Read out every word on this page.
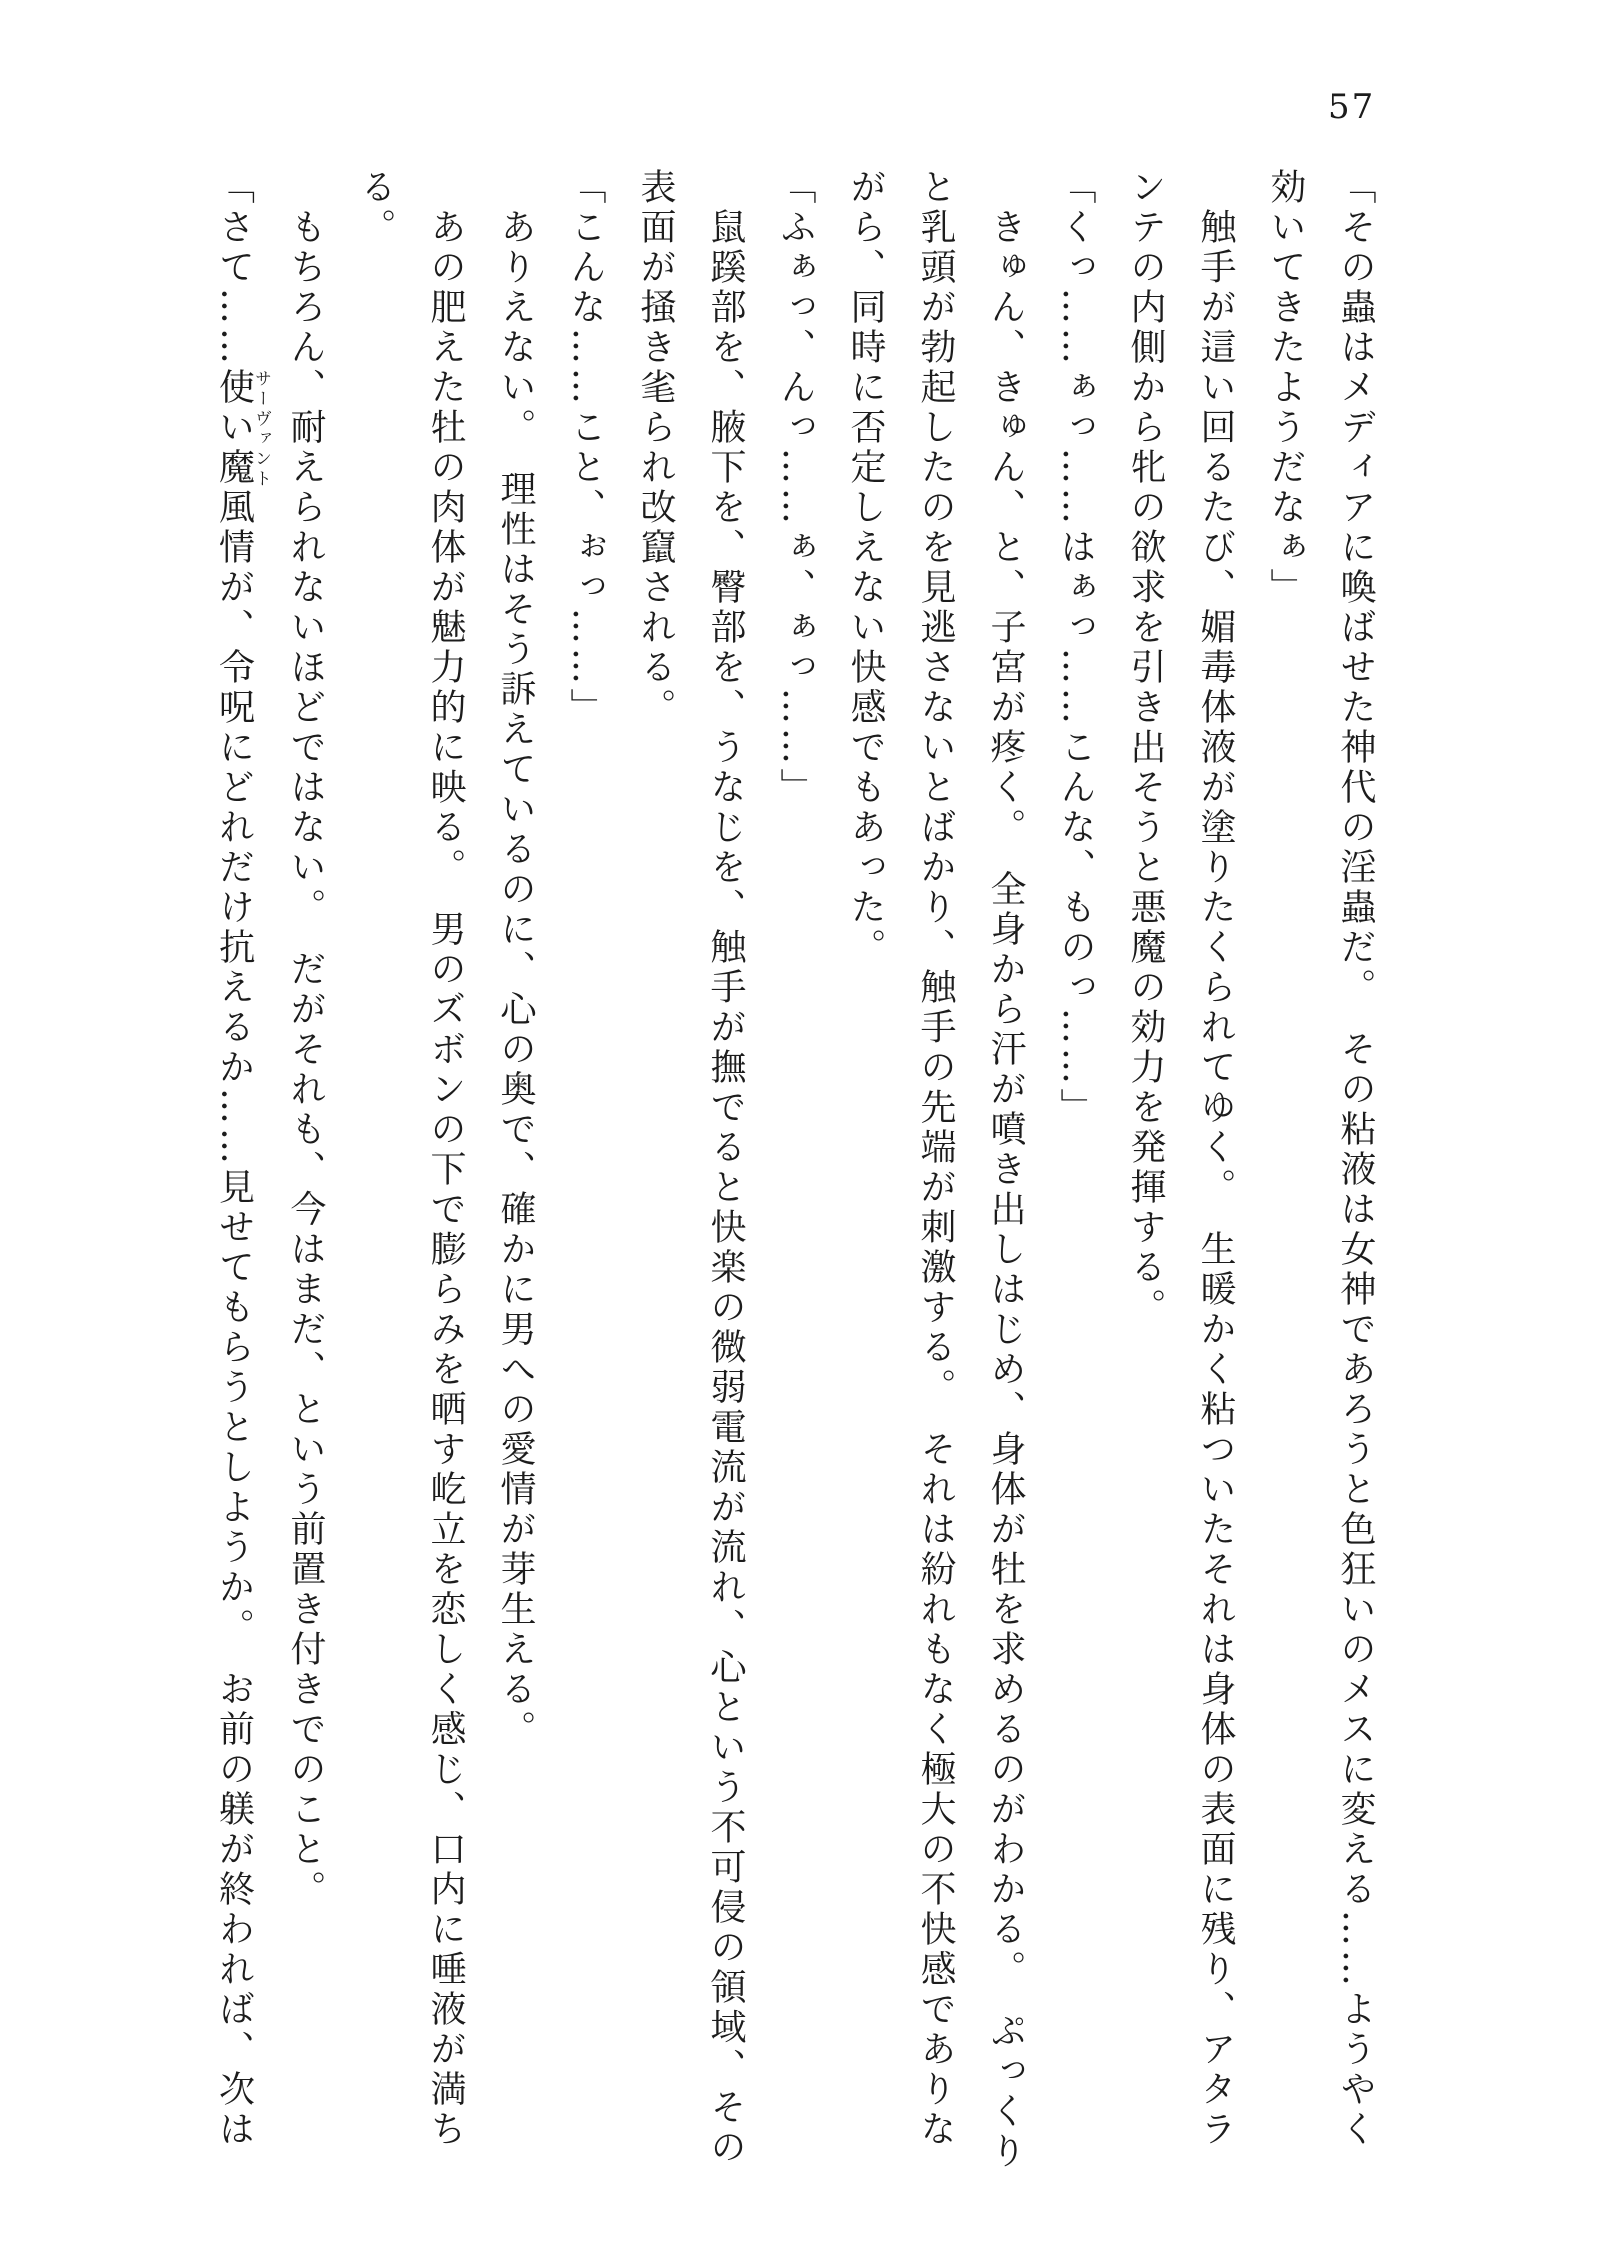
57

「その蟲はメディアに喚ばせた神代の淫蟲だ。　その粘液は女神であろうと色狂いのメスに変える……ようやく効いてきたようだなぁ」

触手が這い回るたび、媚毒体液が塗りたくられてゆく。　生暖かく粘ついたそれは身体の表面に残り、アタランテの内側から牝の欲求を引き出そうと悪魔の効力を発揮する。

「くっ……ぁっ……はぁっ……こんな、ものっ……」

きゅん、きゅん、と、子宮が疼く。　全身から汗が噴き出しはじめ、身体が牡を求めるのがわかる。　ぷっくりと乳頭が勃起したのを見逃さないとばかり、触手の先端が刺激する。　それは紛れもなく極大の不快感でありながら、同時に否定しえない快感でもあった。

「ふぁっ、んっ……ぁ、ぁっ……」

鼠蹊部を、腋下を、臀部を、うなじを、触手が撫でると快楽の微弱電流が流れ、心という不可侵の領域、その表面が掻き毟られ改竄される。

「こんな……こと、ぉっ……」

ありえない。　理性はそう訴えているのに、心の奥で、確かに男への愛情が芽生える。

あの肥えた牡の肉体が魅力的に映る。　男のズボンの下で膨らみを晒す屹立を恋しく感じ、口内に唾液が満ちる。

もちろん、耐えられないほどではない。　だがそれも、今はまだ、という前置き付きでのこと。

「さて……使い魔サーヴァント風情が、令呪にどれだけ抗えるか……見せてもらうとしようか。　お前の躾が終われば、次は
